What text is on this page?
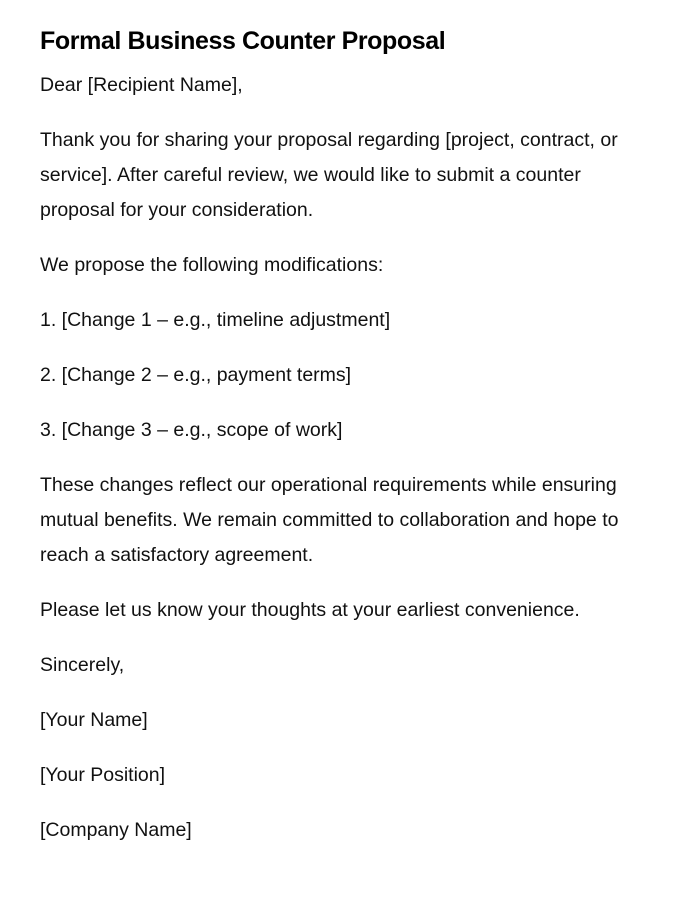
Formal Business Counter Proposal

Dear [Recipient Name],

Thank you for sharing your proposal regarding [project, contract, or service]. After careful review, we would like to submit a counter proposal for your consideration.

We propose the following modifications:

1. [Change 1 – e.g., timeline adjustment]

2. [Change 2 – e.g., payment terms]

3. [Change 3 – e.g., scope of work]

These changes reflect our operational requirements while ensuring mutual benefits. We remain committed to collaboration and hope to reach a satisfactory agreement.

Please let us know your thoughts at your earliest convenience.

Sincerely,

[Your Name]

[Your Position]

[Company Name]
